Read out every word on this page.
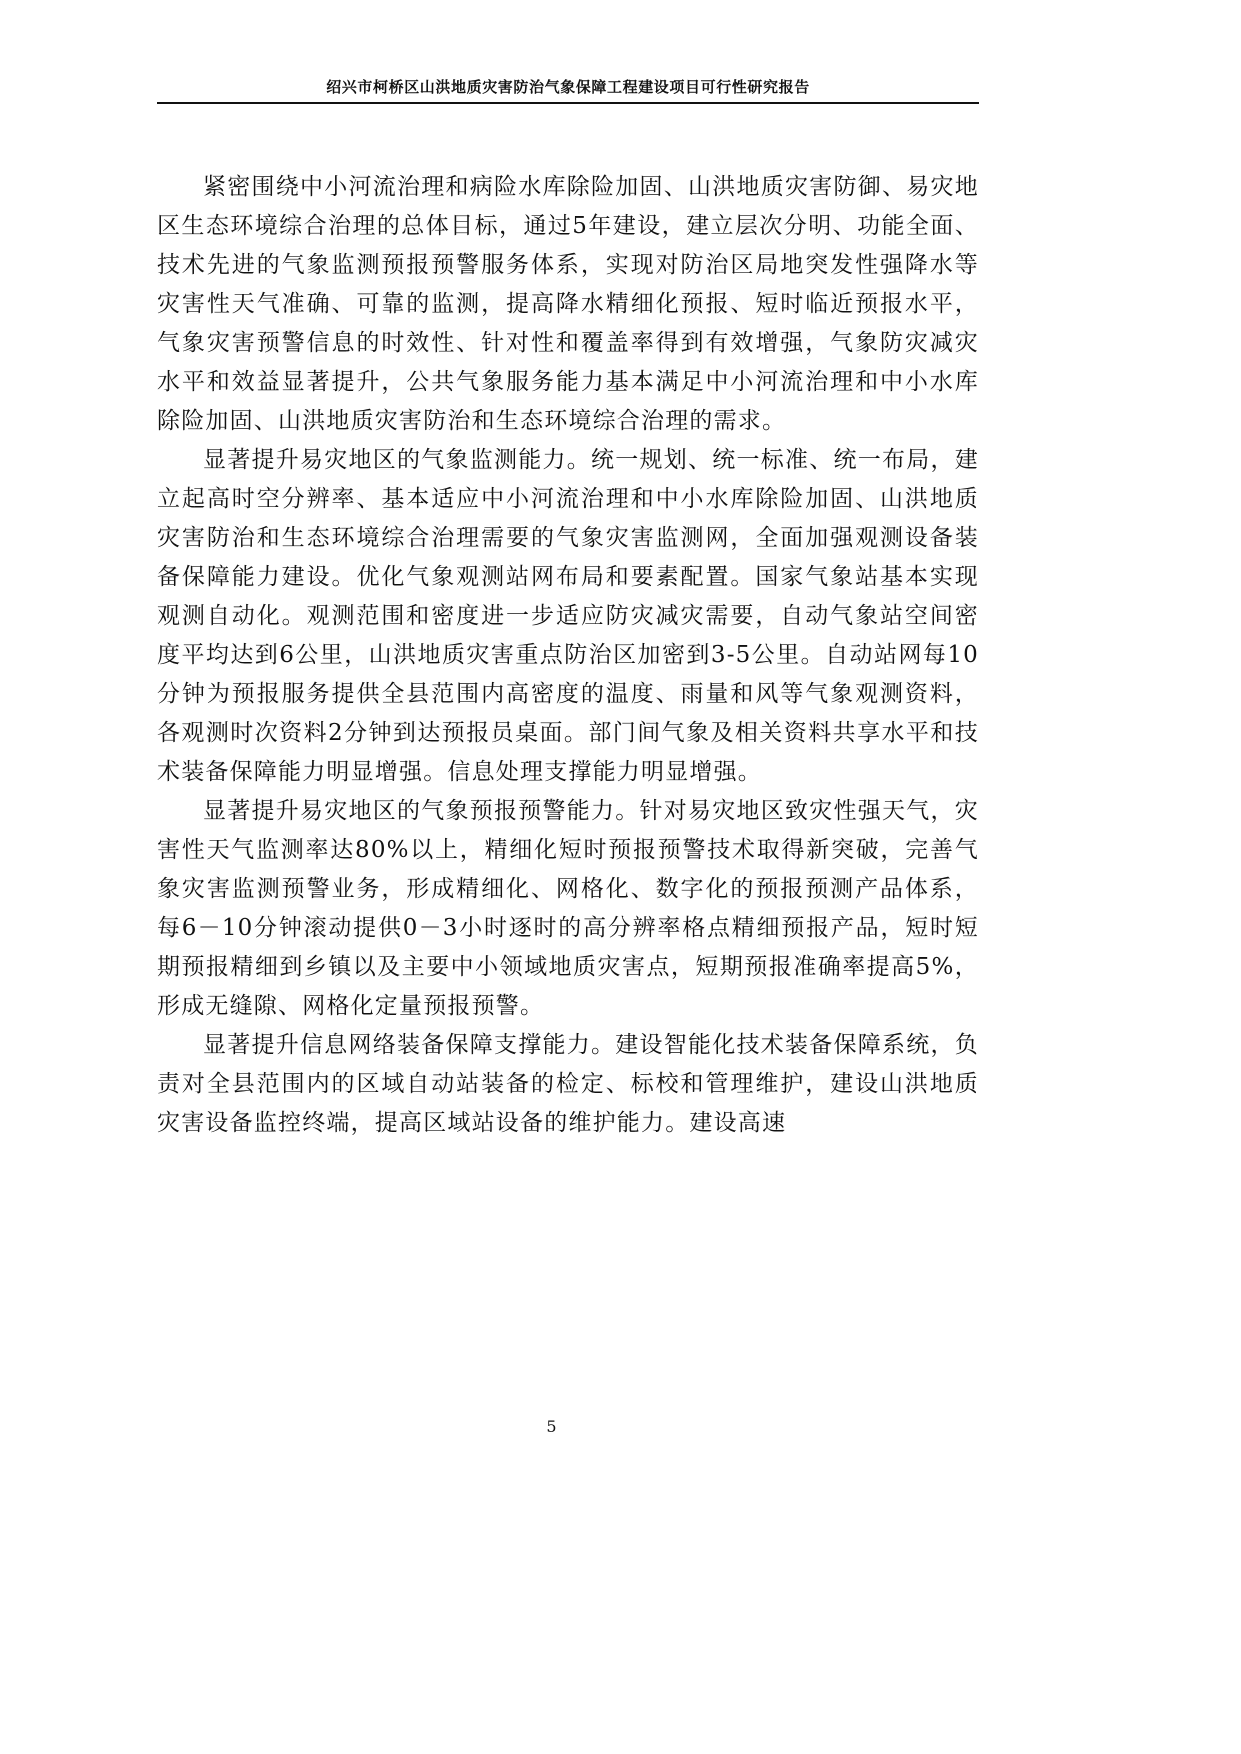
绍兴市柯桥区山洪地质灾害防治气象保障工程建设项目可行性研究报告

紧密围绕中小河流治理和病险水库除险加固、山洪地质灾害防御、易灾地区生态环境综合治理的总体目标，通过5年建设，建立层次分明、功能全面、技术先进的气象监测预报预警服务体系，实现对防治区局地突发性强降水等灾害性天气准确、可靠的监测，提高降水精细化预报、短时临近预报水平，气象灾害预警信息的时效性、针对性和覆盖率得到有效增强，气象防灾减灾水平和效益显著提升，公共气象服务能力基本满足中小河流治理和中小水库除险加固、山洪地质灾害防治和生态环境综合治理的需求。

显著提升易灾地区的气象监测能力。统一规划、统一标准、统一布局，建立起高时空分辨率、基本适应中小河流治理和中小水库除险加固、山洪地质灾害防治和生态环境综合治理需要的气象灾害监测网，全面加强观测设备装备保障能力建设。优化气象观测站网布局和要素配置。国家气象站基本实现观测自动化。观测范围和密度进一步适应防灾减灾需要，自动气象站空间密度平均达到6公里，山洪地质灾害重点防治区加密到3-5公里。自动站网每10分钟为预报服务提供全县范围内高密度的温度、雨量和风等气象观测资料，各观测时次资料2分钟到达预报员桌面。部门间气象及相关资料共享水平和技术装备保障能力明显增强。信息处理支撑能力明显增强。

显著提升易灾地区的气象预报预警能力。针对易灾地区致灾性强天气，灾害性天气监测率达80%以上，精细化短时预报预警技术取得新突破，完善气象灾害监测预警业务，形成精细化、网格化、数字化的预报预测产品体系，每6－10分钟滚动提供0－3小时逐时的高分辨率格点精细预报产品，短时短期预报精细到乡镇以及主要中小领域地质灾害点，短期预报准确率提高5%，形成无缝隙、网格化定量预报预警。

显著提升信息网络装备保障支撑能力。建设智能化技术装备保障系统，负责对全县范围内的区域自动站装备的检定、标校和管理维护，建设山洪地质灾害设备监控终端，提高区域站设备的维护能力。建设高速

5
